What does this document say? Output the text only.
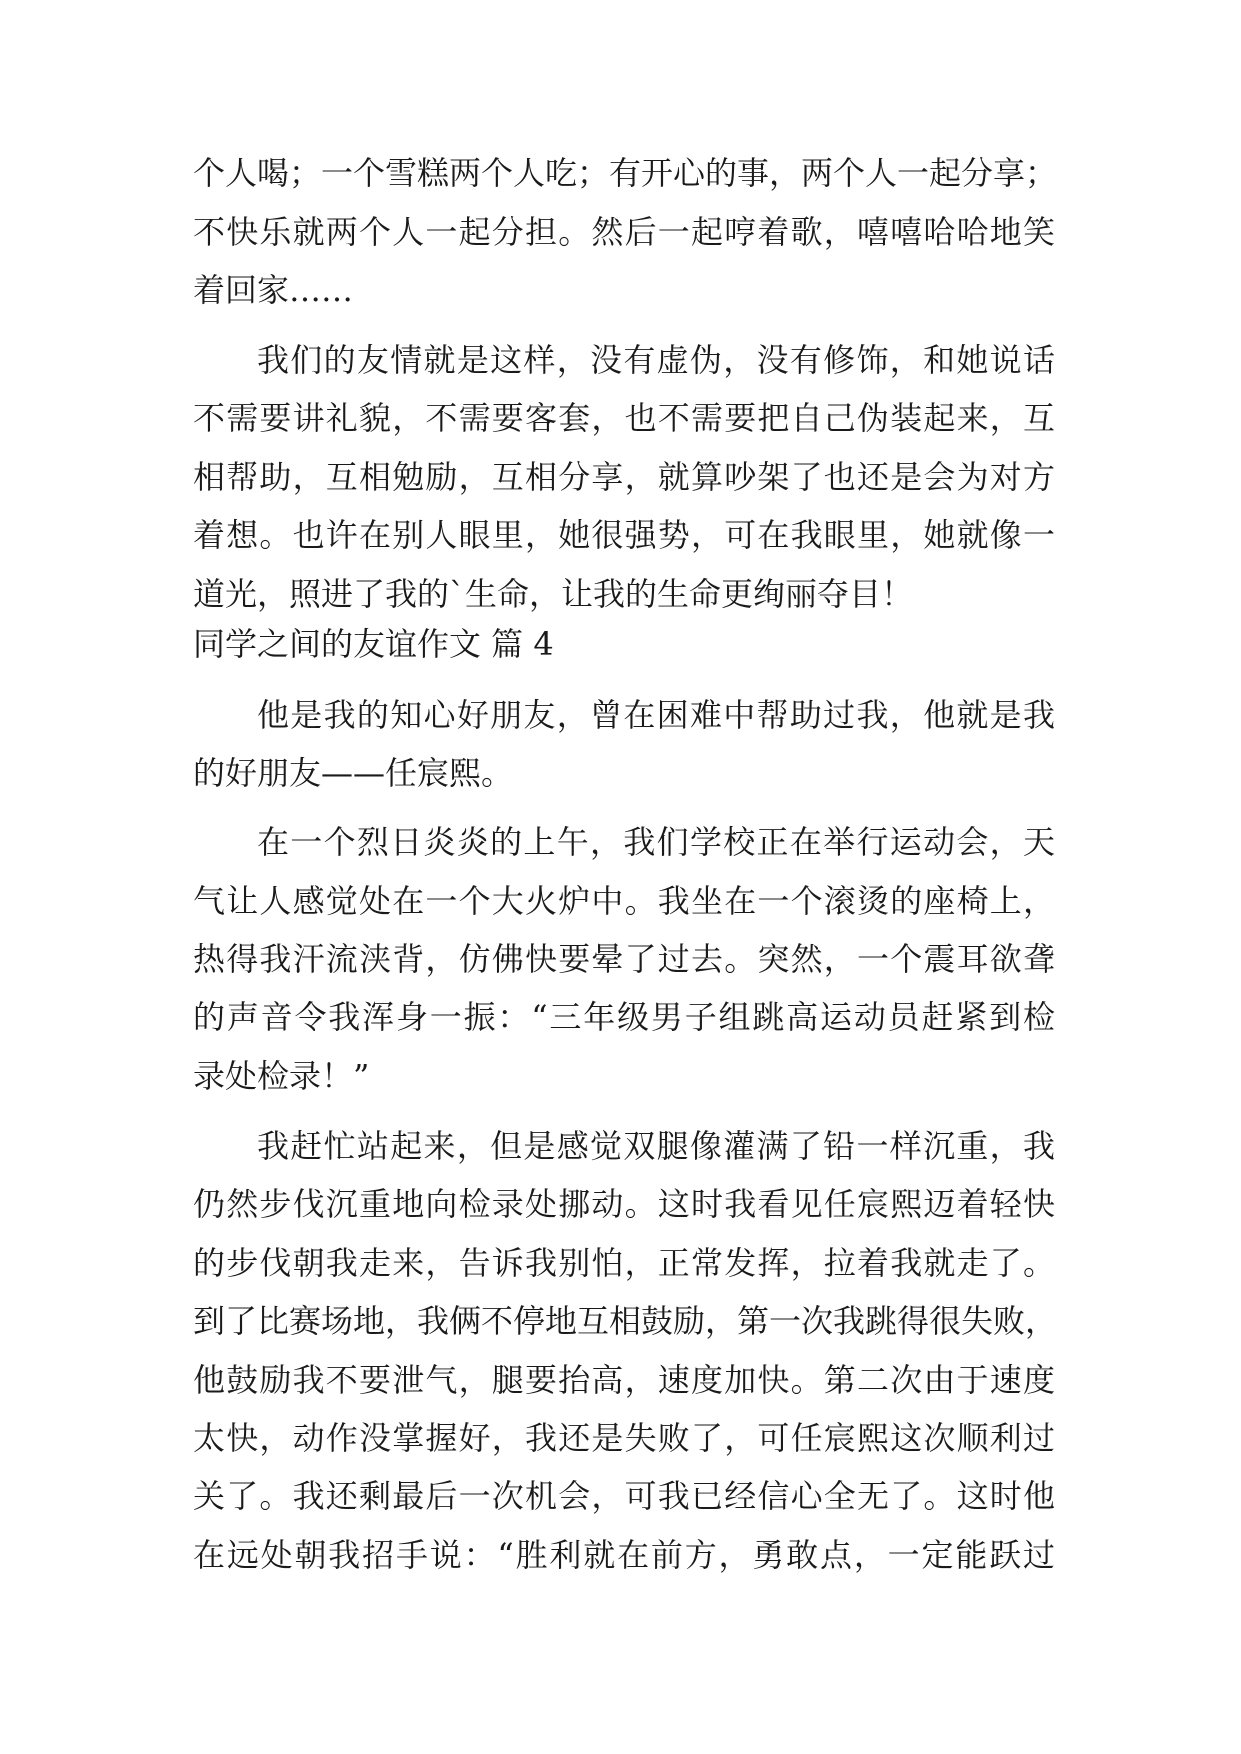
个人喝；一个雪糕两个人吃；有开心的事，两个人一起分享；
不快乐就两个人一起分担。然后一起哼着歌，嘻嘻哈哈地笑
着回家……
我们的友情就是这样，没有虚伪，没有修饰，和她说话
不需要讲礼貌，不需要客套，也不需要把自己伪装起来，互
相帮助，互相勉励，互相分享，就算吵架了也还是会为对方
着想。也许在别人眼里，她很强势，可在我眼里，她就像一
道光，照进了我的`生命，让我的生命更绚丽夺目！
同学之间的友谊作文 篇 4
他是我的知心好朋友，曾在困难中帮助过我，他就是我
的好朋友——任宸熙。
在一个烈日炎炎的上午，我们学校正在举行运动会，天
气让人感觉处在一个大火炉中。我坐在一个滚烫的座椅上，
热得我汗流浃背，仿佛快要晕了过去。突然，一个震耳欲聋
的声音令我浑身一振：“三年级男子组跳高运动员赶紧到检
录处检录！”
我赶忙站起来，但是感觉双腿像灌满了铅一样沉重，我
仍然步伐沉重地向检录处挪动。这时我看见任宸熙迈着轻快
的步伐朝我走来，告诉我别怕，正常发挥，拉着我就走了。
到了比赛场地，我俩不停地互相鼓励，第一次我跳得很失败，
他鼓励我不要泄气，腿要抬高，速度加快。第二次由于速度
太快，动作没掌握好，我还是失败了，可任宸熙这次顺利过
关了。我还剩最后一次机会，可我已经信心全无了。这时他
在远处朝我招手说：“胜利就在前方，勇敢点，一定能跃过
